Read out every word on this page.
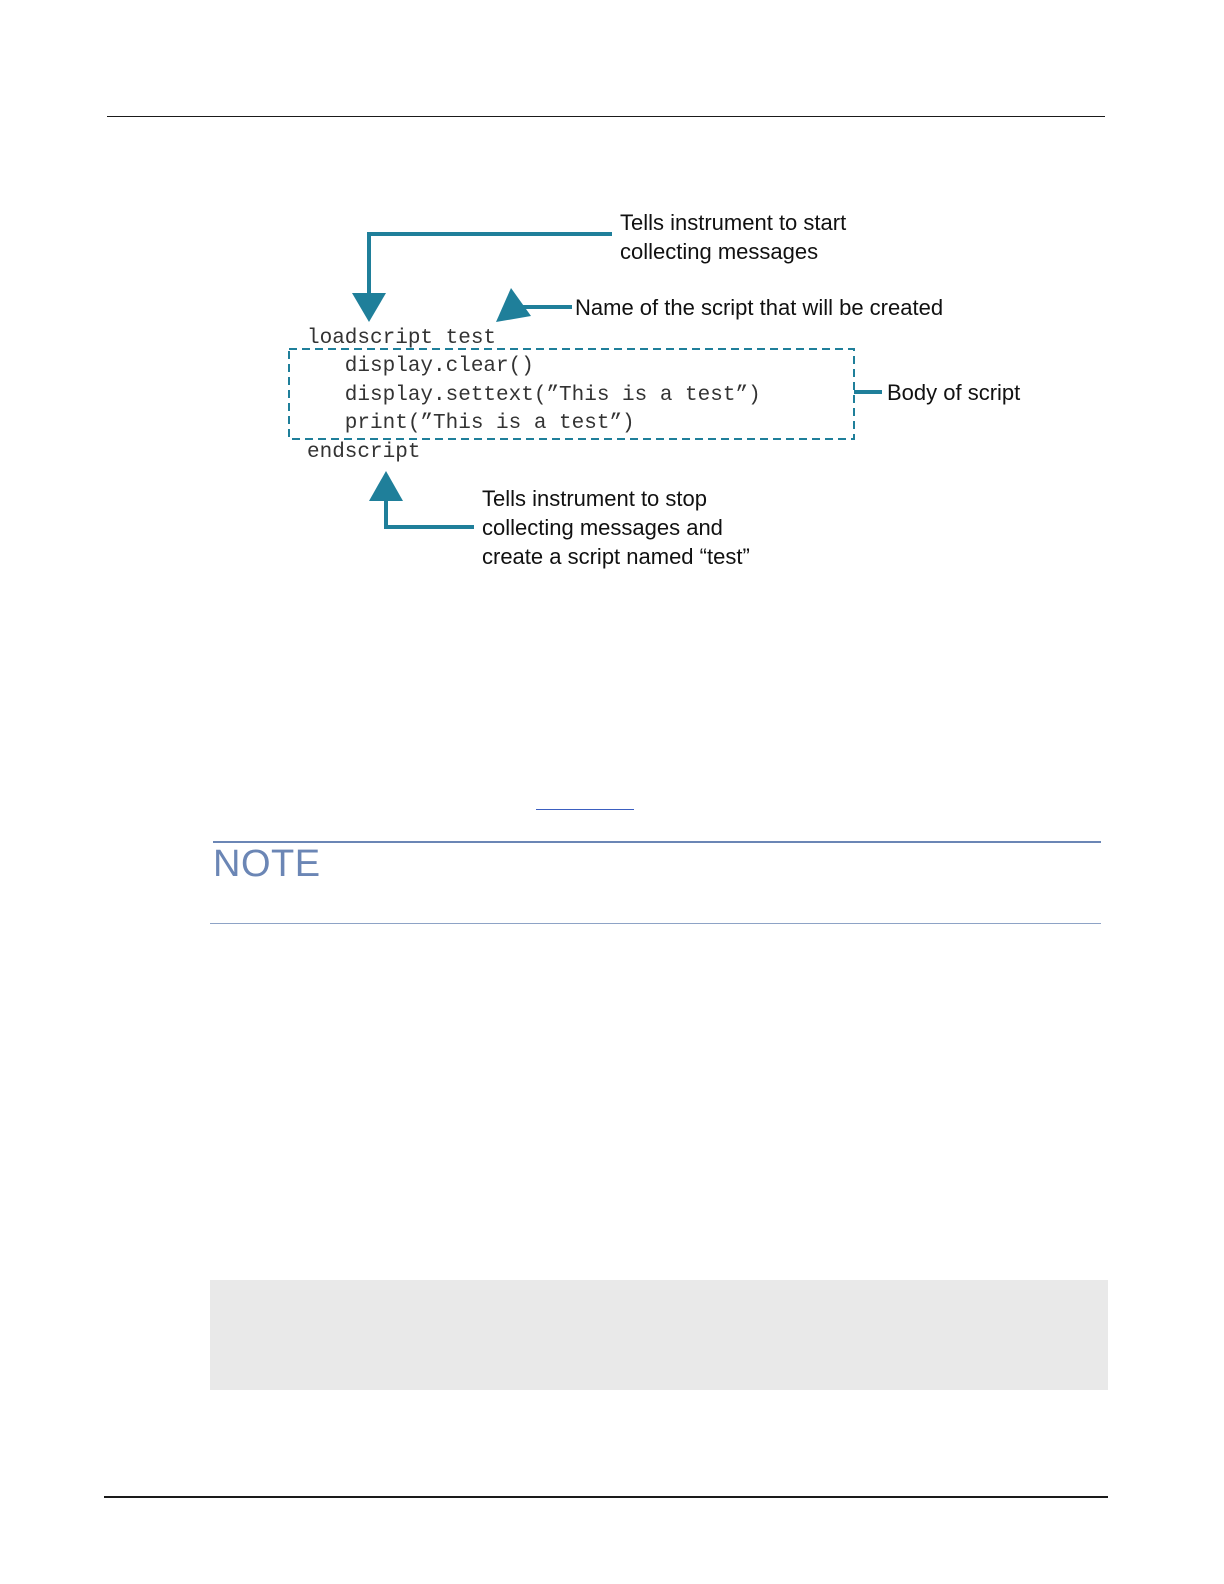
Tells instrument to start
collecting messages
Name of the script that will be created
Body of script
Tells instrument to stop
collecting messages and
create a script named “test”
loadscript test
display.clear()
display.settext(”This is a test”)
print(”This is a test”)
endscript
NOTE
